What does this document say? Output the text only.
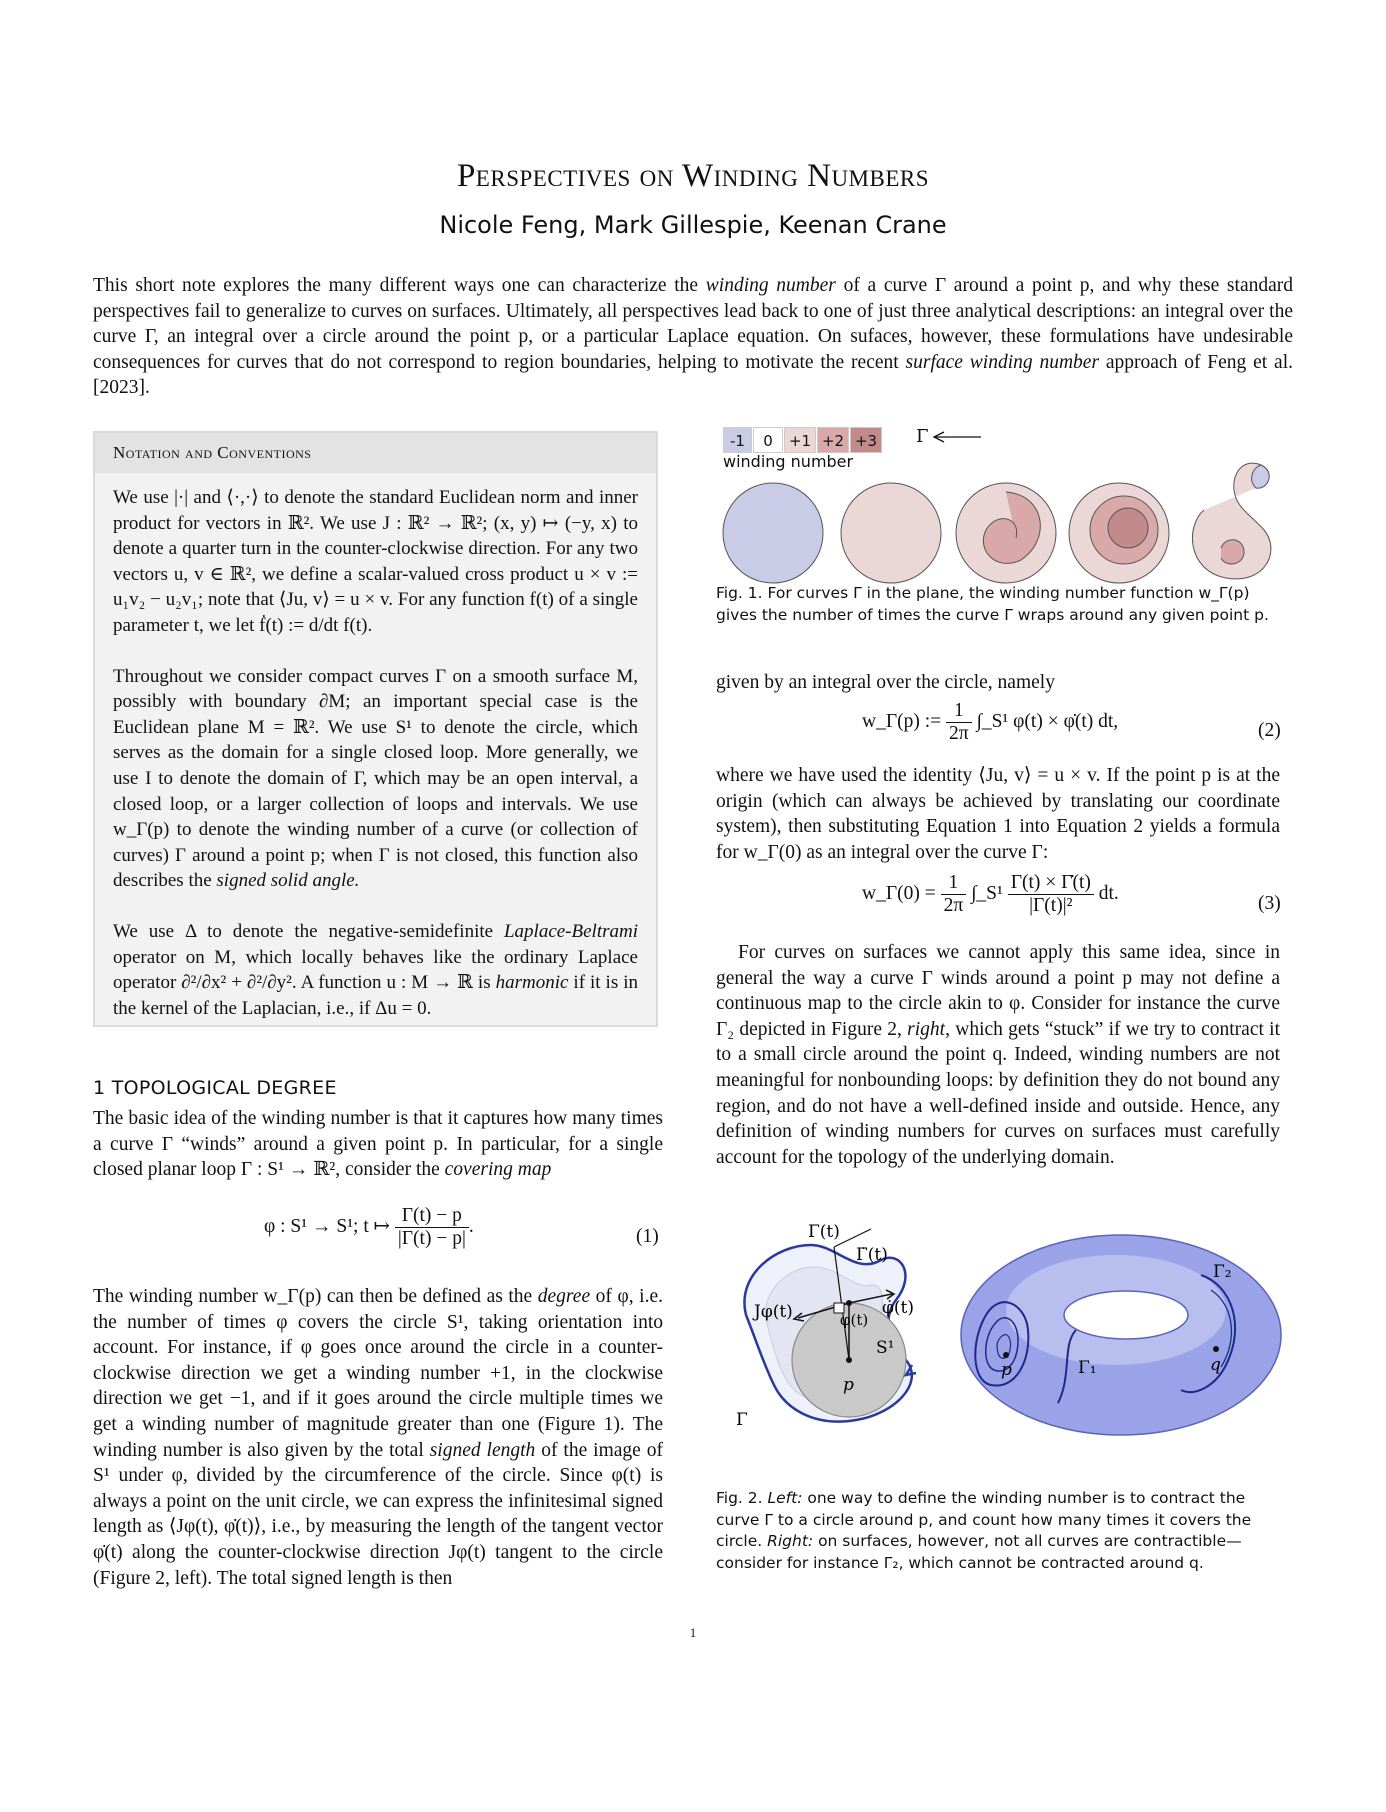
Perspectives on Winding Numbers
Nicole Feng, Mark Gillespie, Keenan Crane

This short note explores the many different ways one can characterize the winding number of a curve Γ around a point p, and why these standard perspectives fail to generalize to curves on surfaces. Ultimately, all perspectives lead back to one of just three analytical descriptions: an integral over the curve Γ, an integral over a circle around the point p, or a particular Laplace equation. On sufaces, however, these formulations have undesirable consequences for curves that do not correspond to region boundaries, helping to motivate the recent surface winding number approach of Feng et al. [2023].

Notation and Conventions

We use |·| and ⟨·,·⟩ to denote the standard Euclidean norm and inner product for vectors in ℝ². We use J : ℝ² → ℝ²; (x, y) ↦ (−y, x) to denote a quarter turn in the counter-clockwise direction. For any two vectors u, v ∈ ℝ², we define a scalar-valued cross product u × v := u₁v₂ − u₂v₁; note that ⟨Ju, v⟩ = u × v. For any function f(t) of a single parameter t, we let ḟ(t) := d/dt f(t).

Throughout we consider compact curves Γ on a smooth surface M, possibly with boundary ∂M; an important special case is the Euclidean plane M = ℝ². We use S¹ to denote the circle, which serves as the domain for a single closed loop. More generally, we use I to denote the domain of Γ, which may be an open interval, a closed loop, or a larger collection of loops and intervals. We use w_Γ(p) to denote the winding number of a curve (or collection of curves) Γ around a point p; when Γ is not closed, this function also describes the signed solid angle.

We use Δ to denote the negative-semidefinite Laplace-Beltrami operator on M, which locally behaves like the ordinary Laplace operator ∂²/∂x² + ∂²/∂y². A function u : M → ℝ is harmonic if it is in the kernel of the Laplacian, i.e., if Δu = 0.

1 TOPOLOGICAL DEGREE

The basic idea of the winding number is that it captures how many times a curve Γ “winds” around a given point p. In particular, for a single closed planar loop Γ : S¹ → ℝ², consider the covering map

φ : S¹ → S¹; t ↦ $\frac{\Gamma(t) - p}{|\Gamma(t) - p|}$ .	(1)

The winding number w_Γ(p) can then be defined as the degree of φ, i.e. the number of times φ covers the circle S¹, taking orientation into account. For instance, if φ goes once around the circle in a counter-clockwise direction we get a winding number +1, in the clockwise direction we get −1, and if it goes around the circle multiple times we get a winding number of magnitude greater than one (Figure 1). The winding number is also given by the total signed length of the image of S¹ under φ, divided by the circumference of the circle. Since φ(t) is always a point on the unit circle, we can express the infinitesimal signed length as ⟨Jφ(t), φ̇(t)⟩, i.e., by measuring the length of the tangent vector φ̇(t) along the counter-clockwise direction Jφ(t) tangent to the circle (Figure 2, left). The total signed length is then

-1	0	+1 +2 +3
winding number
Γ
Fig. 1. For curves Γ in the plane, the winding number function w_Γ(p) gives the number of times the curve Γ wraps around any given point p.
given by an integral over the circle, namely
w_Γ(p) := $\frac{1}{2\pi}$ ∫_S¹ φ(t) × φ̇(t) dt,	(2)
where we have used the identity ⟨Ju, v⟩ = u × v. If the point p is at the origin (which can always be achieved by translating our coordinate system), then substituting Equation 1 into Equation 2 yields a formula for w_Γ(0) as an integral over the curve Γ:
w_Γ(0) = $\frac{1}{2\pi}$ ∫_S¹ $\frac{\Gamma(t) \times \Gammȧ(t)}{\text{|Γ(t)|²}}$ dt.	(3)

For curves on surfaces we cannot apply this same idea, since in general the way a curve Γ winds around a point p may not define a continuous map to the circle akin to φ. Consider for instance the curve Γ₂ depicted in Figure 2, right, which gets “stuck” if we try to contract it to a small circle around the point q. Indeed, winding numbers are not meaningful for nonbounding loops: by definition they do not bound any region, and do not have a well-defined inside and outside. Hence, any definition of winding numbers for curves on surfaces must carefully account for the topology of the underlying domain.

Γ(t)
Γ̇(t)
Jφ(t)	φ̇(t)
φ(t)
S¹
p
Γ
p	q
Γ₁
Γ₂
Fig. 2. Left: one way to define the winding number is to contract the curve Γ to a circle around p, and count how many times it covers the circle. Right: on surfaces, however, not all curves are contractible—consider for instance Γ₂, which cannot be contracted around q.
1
